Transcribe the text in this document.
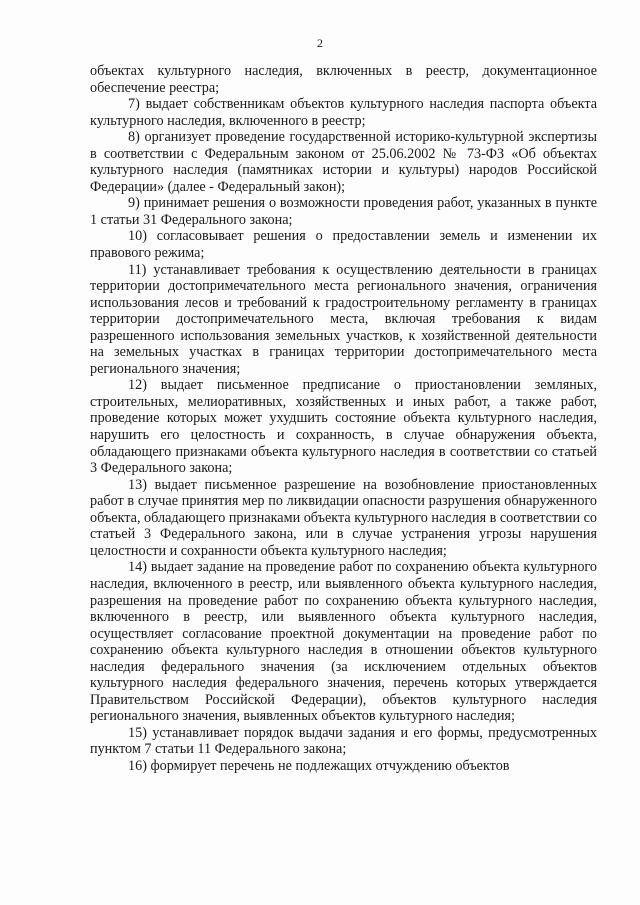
2

объектах культурного наследия, включенных в реестр, документационное обеспечение реестра;

7) выдает собственникам объектов культурного наследия паспорта объекта культурного наследия, включенного в реестр;

8) организует проведение государственной историко-культурной экспертизы в соответствии с Федеральным законом от 25.06.2002 № 73-ФЗ «Об объектах культурного наследия (памятниках истории и культуры) народов Российской Федерации» (далее - Федеральный закон);

9) принимает решения о возможности проведения работ, указанных в пункте 1 статьи 31 Федерального закона;

10) согласовывает решения о предоставлении земель и изменении их правового режима;

11) устанавливает требования к осуществлению деятельности в границах территории достопримечательного места регионального значения, ограничения использования лесов и требований к градостроительному регламенту в границах территории достопримечательного места, включая требования к видам разрешенного использования земельных участков, к хозяйственной деятельности на земельных участках в границах территории достопримечательного места регионального значения;

12) выдает письменное предписание о приостановлении земляных, строительных, мелиоративных, хозяйственных и иных работ, а также работ, проведение которых может ухудшить состояние объекта культурного наследия, нарушить его целостность и сохранность, в случае обнаружения объекта, обладающего признаками объекта культурного наследия в соответствии со статьей 3 Федерального закона;

13) выдает письменное разрешение на возобновление приостановленных работ в случае принятия мер по ликвидации опасности разрушения обнаруженного объекта, обладающего признаками объекта культурного наследия в соответствии со статьей 3 Федерального закона, или в случае устранения угрозы нарушения целостности и сохранности объекта культурного наследия;

14) выдает задание на проведение работ по сохранению объекта культурного наследия, включенного в реестр, или выявленного объекта культурного наследия, разрешения на проведение работ по сохранению объекта культурного наследия, включенного в реестр, или выявленного объекта культурного наследия, осуществляет согласование проектной документации на проведение работ по сохранению объекта культурного наследия в отношении объектов культурного наследия федерального значения (за исключением отдельных объектов культурного наследия федерального значения, перечень которых утверждается Правительством Российской Федерации), объектов культурного наследия регионального значения, выявленных объектов культурного наследия;

15) устанавливает порядок выдачи задания и его формы, предусмотренных пунктом 7 статьи 11 Федерального закона;

16) формирует перечень не подлежащих отчуждению объектов
